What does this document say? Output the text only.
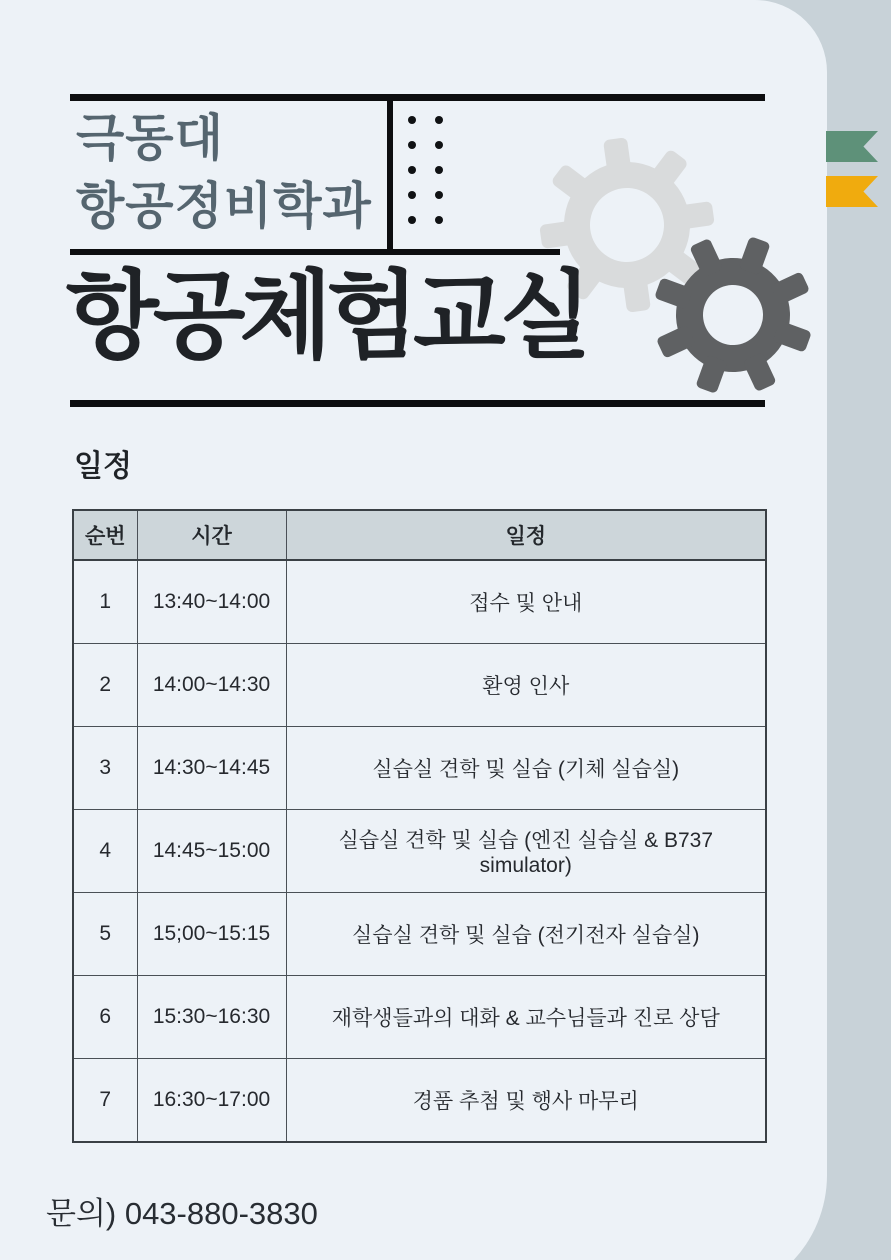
극동대
항공정비학과
항공체험교실
일정
순번	시간	일정
1	13:40~14:00	접수 및 안내
2	14:00~14:30	환영 인사
3	14:30~14:45	실습실 견학 및 실습 (기체 실습실)
4	14:45~15:00	실습실 견학 및 실습 (엔진 실습실 & B737 simulator)
5	15;00~15:15	실습실 견학 및 실습 (전기전자 실습실)
6	15:30~16:30	재학생들과의 대화 & 교수님들과 진로 상담
7	16:30~17:00	경품 추첨 및 행사 마무리
문의) 043-880-3830
